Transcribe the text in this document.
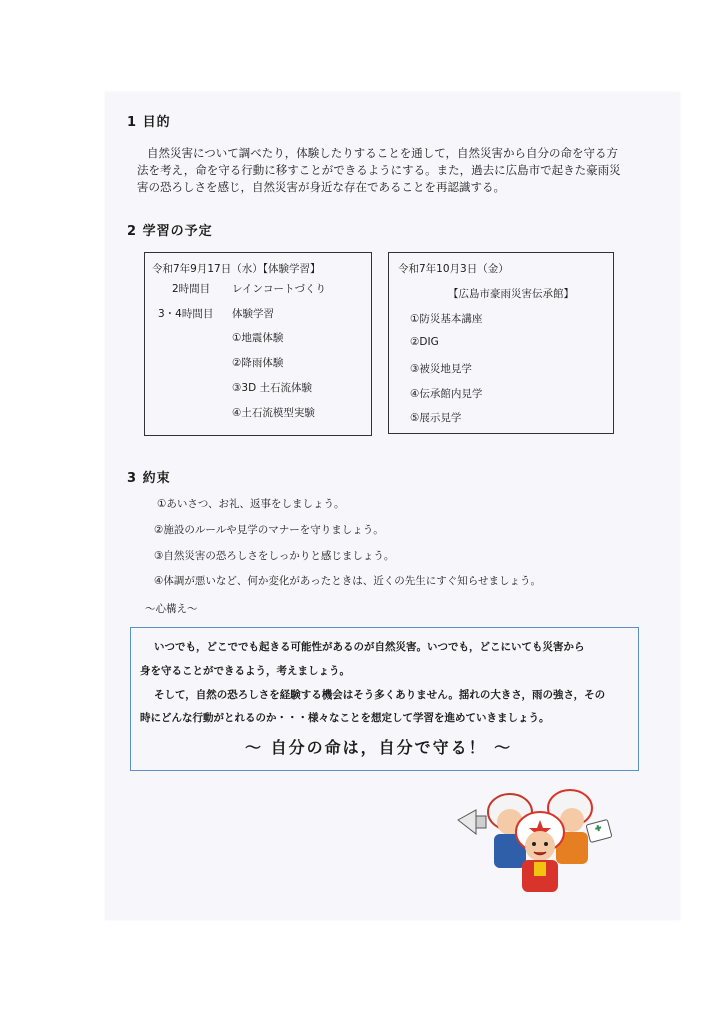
1 目的
自然災害について調べたり，体験したりすることを通して，自然災害から自分の命を守る方
法を考え，命を守る行動に移すことができるようにする。また，過去に広島市で起きた豪雨災
害の恐ろしさを感じ，自然災害が身近な存在であることを再認識する。
2 学習の予定
令和7年9月17日（水）【体験学習】
2時間目 レインコートづくり
3・4時間目 体験学習
①地震体験
②降雨体験
③3D 土石流体験
④土石流模型実験
令和7年10月3日（金）
【広島市豪雨災害伝承館】
①防災基本講座
②DIG
③被災地見学
④伝承館内見学
⑤展示見学
3 約束
①あいさつ、お礼、返事をしましょう。
②施設のルールや見学のマナーを守りましょう。
③自然災害の恐ろしさをしっかりと感じましょう。
④体調が悪いなど、何か変化があったときは、近くの先生にすぐ知らせましょう。
～心構え～
いつでも，どこででも起きる可能性があるのが自然災害。いつでも，どこにいても災害から
身を守ることができるよう，考えましょう。
そして，自然の恐ろしさを経験する機会はそう多くありません。揺れの大きさ，雨の強さ，その
時にどんな行動がとれるのか・・・様々なことを想定して学習を進めていきましょう。
～ 自分の命は，自分で守る！ ～
